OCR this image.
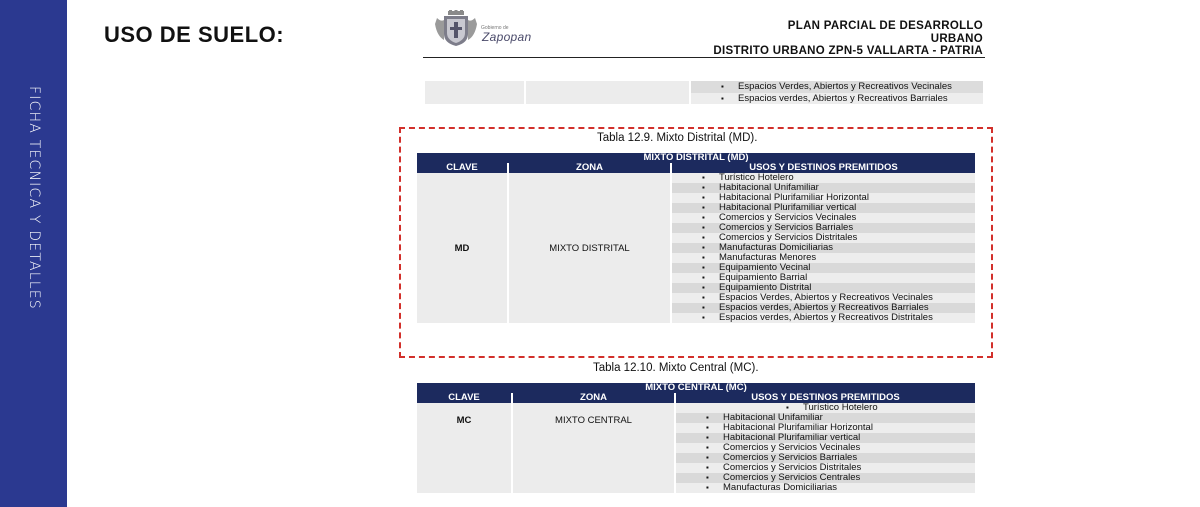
FICHA TECNICA Y DETALLES
USO DE SUELO:	Gobierno de
Zapopan
PLAN PARCIAL DE DESARROLLO
URBANO
DISTRITO URBANO ZPN-5 VALLARTA - PATRIA
▪	Espacios Verdes, Abiertos y Recreativos Vecinales
▪	Espacios verdes, Abiertos y Recreativos Barriales
Tabla 12.9. Mixto Distrital (MD).
MIXTO DISTRITAL (MD)
CLAVE	ZONA	USOS Y DESTINOS PREMITIDOS
MD	MIXTO DISTRITAL
▪	Turístico Hotelero
▪	Habitacional Unifamiliar
▪	Habitacional Plurifamiliar Horizontal
▪	Habitacional Plurifamiliar vertical
▪	Comercios y Servicios Vecinales
▪	Comercios y Servicios Barriales
▪	Comercios y Servicios Distritales
▪	Manufacturas Domiciliarias
▪	Manufacturas Menores
▪	Equipamiento Vecinal
▪	Equipamiento Barrial
▪	Equipamiento Distrital
▪	Espacios Verdes, Abiertos y Recreativos Vecinales
▪	Espacios verdes, Abiertos y Recreativos Barriales
▪	Espacios verdes, Abiertos y Recreativos Distritales
Tabla 12.10. Mixto Central (MC).
MIXTO CENTRAL (MC)
CLAVE	ZONA	USOS Y DESTINOS PREMITIDOS
MC	MIXTO CENTRAL
▪	Turístico Hotelero
▪	Habitacional Unifamiliar
▪	Habitacional Plurifamiliar Horizontal
▪	Habitacional Plurifamiliar vertical
▪	Comercios y Servicios Vecinales
▪	Comercios y Servicios Barriales
▪	Comercios y Servicios Distritales
▪	Comercios y Servicios Centrales
▪	Manufacturas Domiciliarias
